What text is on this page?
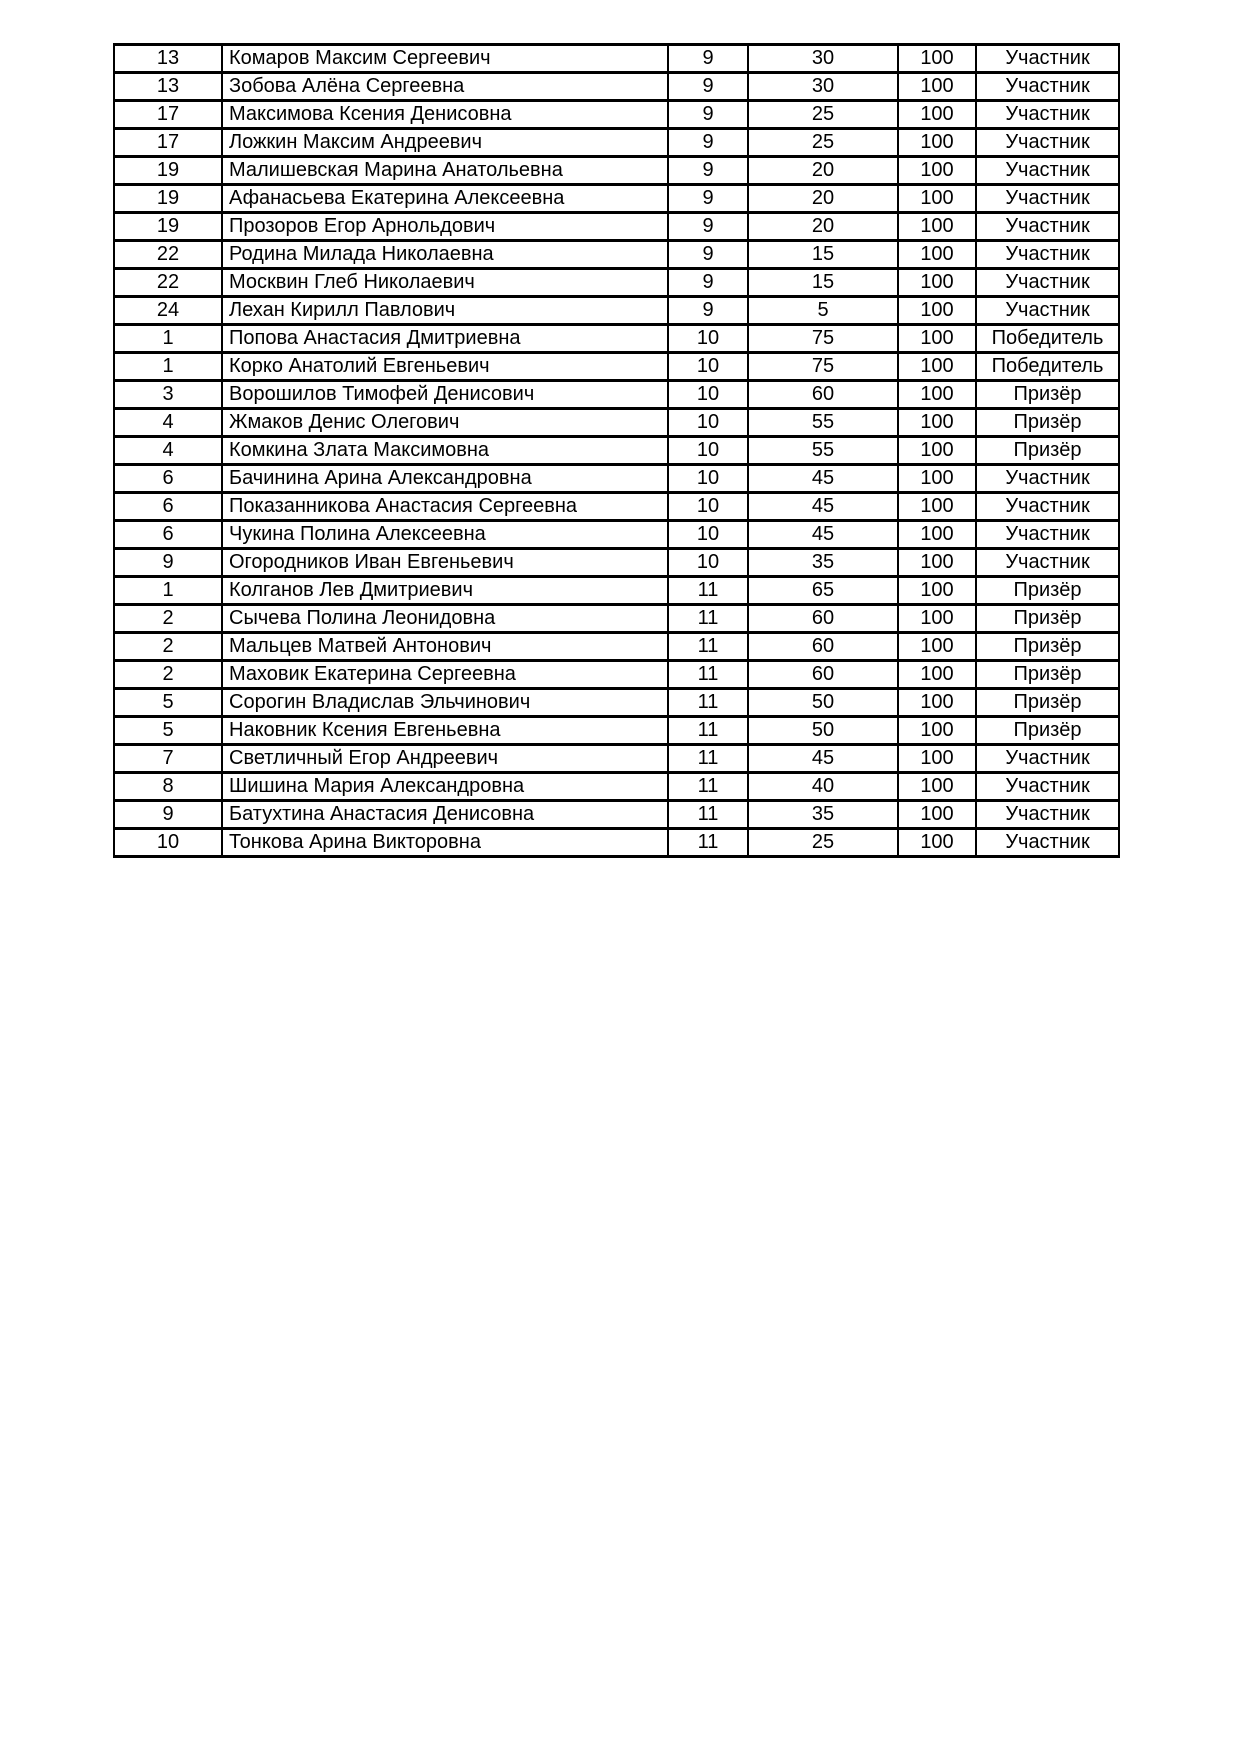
13	Комаров Максим Сергеевич	9	30	100	Участник
13	Зобова Алёна Сергеевна	9	30	100	Участник
17	Максимова Ксения Денисовна	9	25	100	Участник
17	Ложкин Максим Андреевич	9	25	100	Участник
19	Малишевская Марина Анатольевна	9	20	100	Участник
19	Афанасьева Екатерина Алексеевна	9	20	100	Участник
19	Прозоров Егор Арнольдович	9	20	100	Участник
22	Родина Милада Николаевна	9	15	100	Участник
22	Москвин Глеб Николаевич	9	15	100	Участник
24	Лехан Кирилл Павлович	9	5	100	Участник
1	Попова Анастасия Дмитриевна	10	75	100	Победитель
1	Корко Анатолий Евгеньевич	10	75	100	Победитель
3	Ворошилов Тимофей Денисович	10	60	100	Призёр
4	Жмаков Денис Олегович	10	55	100	Призёр
4	Комкина Злата Максимовна	10	55	100	Призёр
6	Бачинина Арина Александровна	10	45	100	Участник
6	Показанникова Анастасия Сергеевна	10	45	100	Участник
6	Чукина Полина Алексеевна	10	45	100	Участник
9	Огородников Иван Евгеньевич	10	35	100	Участник
1	Колганов Лев Дмитриевич	11	65	100	Призёр
2	Сычева Полина Леонидовна	11	60	100	Призёр
2	Мальцев Матвей Антонович	11	60	100	Призёр
2	Маховик Екатерина Сергеевна	11	60	100	Призёр
5	Сорогин Владислав Эльчинович	11	50	100	Призёр
5	Наковник Ксения Евгеньевна	11	50	100	Призёр
7	Светличный Егор Андреевич	11	45	100	Участник
8	Шишина Мария Александровна	11	40	100	Участник
9	Батухтина Анастасия Денисовна	11	35	100	Участник
10	Тонкова Арина Викторовна	11	25	100	Участник
